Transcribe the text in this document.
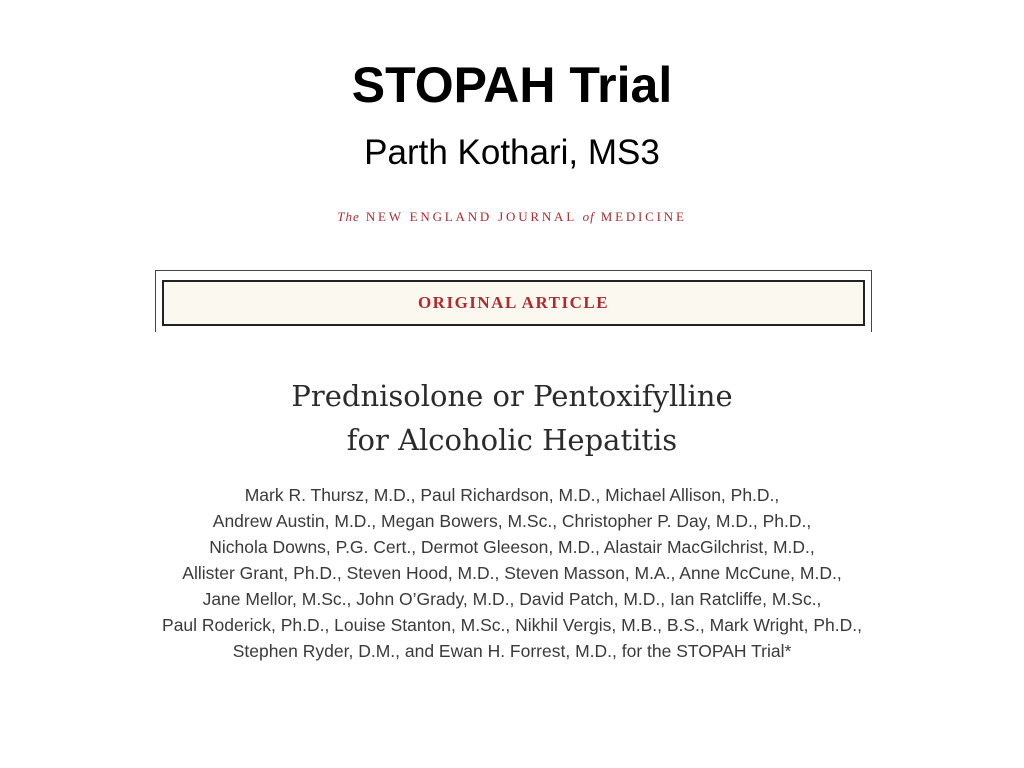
STOPAH Trial
Parth Kothari, MS3
The NEW ENGLAND JOURNAL of MEDICINE
ORIGINAL ARTICLE
Prednisolone or Pentoxifylline
for Alcoholic Hepatitis
Mark R. Thursz, M.D., Paul Richardson, M.D., Michael Allison, Ph.D.,
Andrew Austin, M.D., Megan Bowers, M.Sc., Christopher P. Day, M.D., Ph.D.,
Nichola Downs, P.G. Cert., Dermot Gleeson, M.D., Alastair MacGilchrist, M.D.,
Allister Grant, Ph.D., Steven Hood, M.D., Steven Masson, M.A., Anne McCune, M.D.,
Jane Mellor, M.Sc., John O’Grady, M.D., David Patch, M.D., Ian Ratcliffe, M.Sc.,
Paul Roderick, Ph.D., Louise Stanton, M.Sc., Nikhil Vergis, M.B., B.S., Mark Wright, Ph.D.,
Stephen Ryder, D.M., and Ewan H. Forrest, M.D., for the STOPAH Trial*
